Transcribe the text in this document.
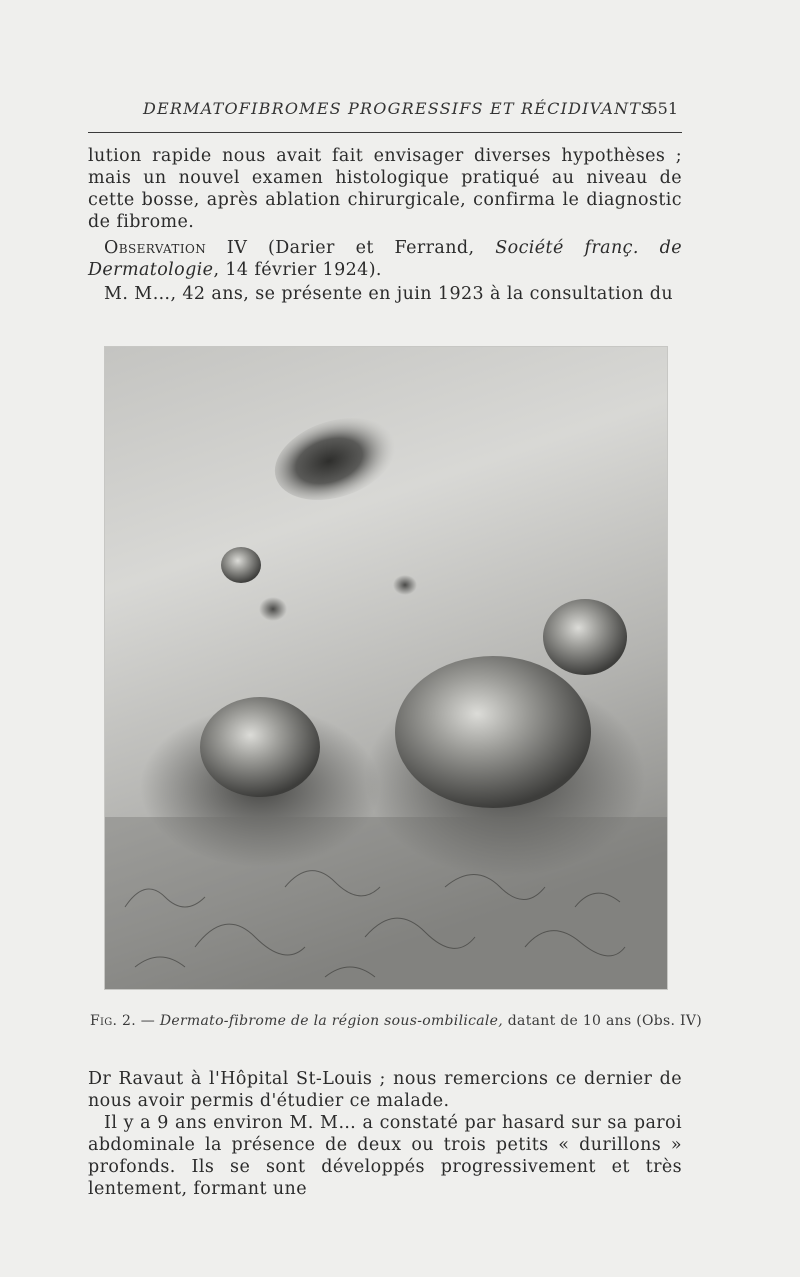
DERMATOFIBROMES PROGRESSIFS ET RÉCIDIVANTS
551

lution rapide nous avait fait envisager diverses hypothèses ; mais un nouvel examen histologique pratiqué au niveau de cette bosse, après ablation chirurgicale, confirma le diagnostic de fibrome.

Observation IV (Darier et Ferrand, Société franç. de Dermatologie, 14 février 1924).

M. M…, 42 ans, se présente en juin 1923 à la consultation du

Fig. 2. — Dermato-fibrome de la région sous-ombilicale, datant de 10 ans (Obs. IV)

Dr Ravaut à l'Hôpital St-Louis ; nous remercions ce dernier de nous avoir permis d'étudier ce malade.

Il y a 9 ans environ M. M… a constaté par hasard sur sa paroi abdominale la présence de deux ou trois petits « durillons » profonds. Ils se sont développés progressivement et très lentement, formant une
